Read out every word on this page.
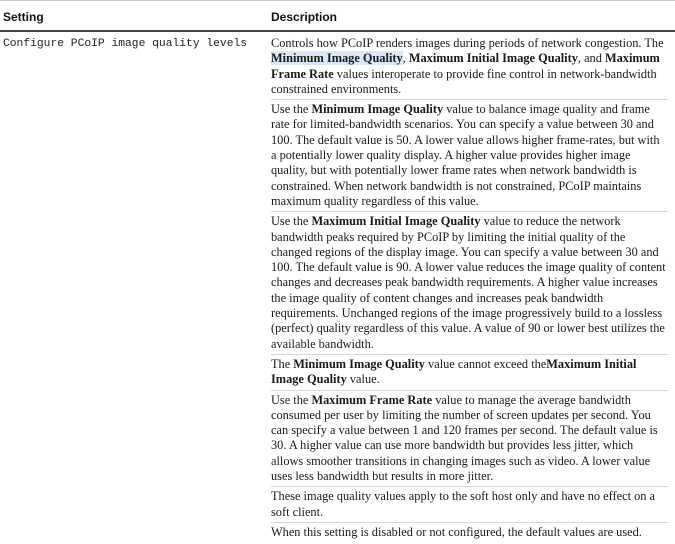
Setting	Description
Configure PCoIP image quality levels Controls how PCoIP renders images during periods of network congestion. The Minimum Image Quality, Maximum Initial Image Quality, and Maximum Frame Rate values interoperate to provide fine control in network-bandwidth constrained environments.

Use the Minimum Image Quality value to balance image quality and frame rate for limited-bandwidth scenarios. You can specify a value between 30 and 100. The default value is 50. A lower value allows higher frame-rates, but with a potentially lower quality display. A higher value provides higher image quality, but with potentially lower frame rates when network bandwidth is constrained. When network bandwidth is not constrained, PCoIP maintains maximum quality regardless of this value.

Use the Maximum Initial Image Quality value to reduce the network bandwidth peaks required by PCoIP by limiting the initial quality of the changed regions of the display image. You can specify a value between 30 and 100. The default value is 90. A lower value reduces the image quality of content changes and decreases peak bandwidth requirements. A higher value increases the image quality of content changes and increases peak bandwidth requirements. Unchanged regions of the image progressively build to a lossless (perfect) quality regardless of this value. A value of 90 or lower best utilizes the available bandwidth.

The Minimum Image Quality value cannot exceed theMaximum Initial Image Quality value.

Use the Maximum Frame Rate value to manage the average bandwidth consumed per user by limiting the number of screen updates per second. You can specify a value between 1 and 120 frames per second. The default value is 30. A higher value can use more bandwidth but provides less jitter, which allows smoother transitions in changing images such as video. A lower value uses less bandwidth but results in more jitter.

These image quality values apply to the soft host only and have no effect on a soft client.

When this setting is disabled or not configured, the default values are used.
